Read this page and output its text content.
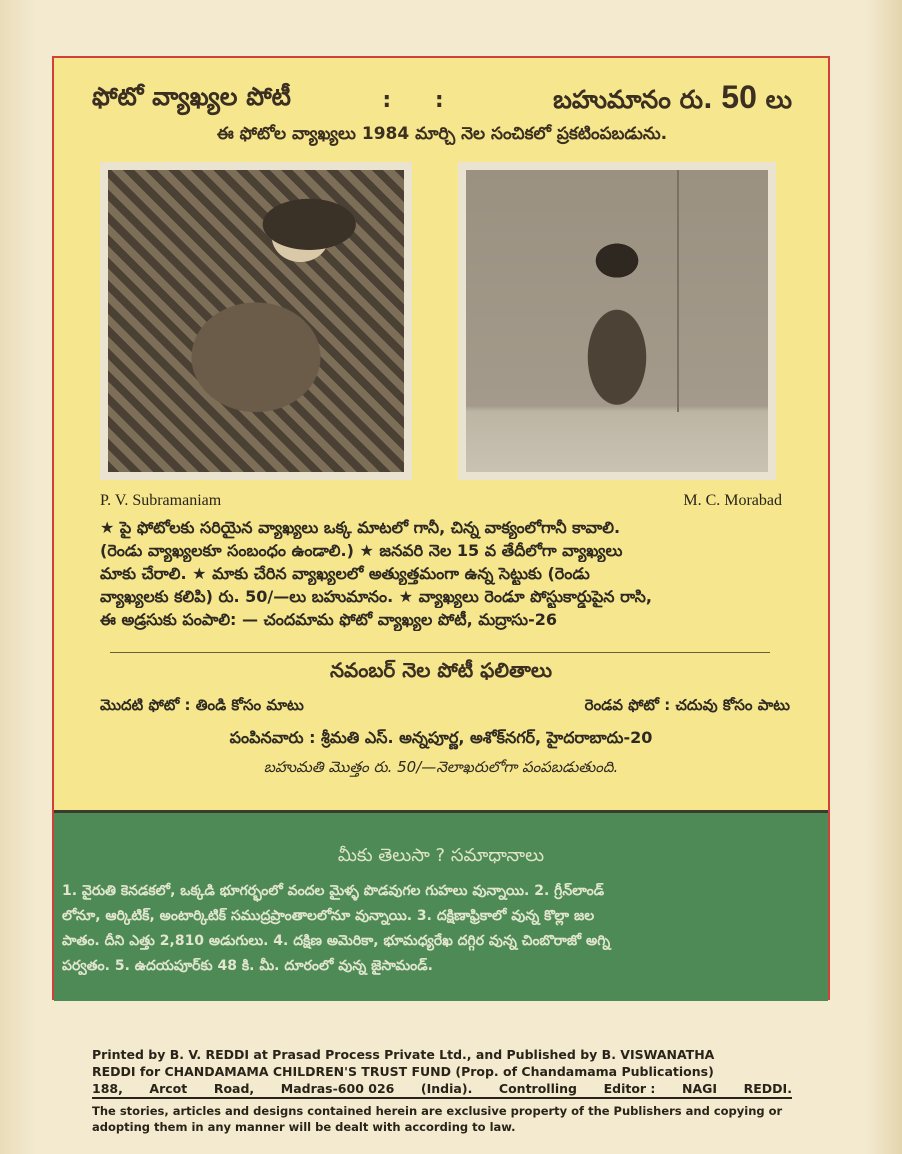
ఫోటో వ్యాఖ్యల పోటీ	: :	బహుమానం రు. 50 లు
ఈ ఫోటోల వ్యాఖ్యలు 1984 మార్చి నెల సంచికలో ప్రకటింపబడును.
P. V. Subramaniam	M. C. Morabad
★ పై ఫోటోలకు సరియైన వ్యాఖ్యలు ఒక్క మాటలో గానీ, చిన్న వాక్యంలోగానీ కావాలి.
(రెండు వ్యాఖ్యలకూ సంబంధం ఉండాలి.) ★ జనవరి నెల 15 వ తేదీలోగా వ్యాఖ్యలు
మాకు చేరాలి. ★ మాకు చేరిన వ్యాఖ్యలలో అత్యుత్తమంగా ఉన్న సెట్టుకు (రెండు
వ్యాఖ్యలకు కలిపి) రు. 50/—లు బహుమానం. ★ వ్యాఖ్యలు రెండూ పోస్టుకార్డుపైన రాసి,
ఈ అడ్రసుకు పంపాలి: — చందమామ ఫోటో వ్యాఖ్యల పోటీ, మద్రాసు-26
నవంబర్ నెల పోటీ ఫలితాలు
మొదటి ఫోటో : తిండి కోసం మాటు	రెండవ ఫోటో : చదువు కోసం పాటు
పంపినవారు : శ్రీమతి ఎస్. అన్నపూర్ణ, అశోక్‌నగర్, హైదరాబాదు-20
బహుమతి మొత్తం రు. 50/—నెలాఖరులోగా పంపబడుతుంది.
మీకు తెలుసా ? సమాధానాలు
1. వైరుతి కెనడకలో, ఒక్కడి భూగర్భంలో వందల మైళ్ళ పొడవుగల గుహలు వున్నాయి. 2. గ్రీన్‌లాండ్
లోనూ, ఆర్కిటిక్, అంటార్కిటిక్ సముద్రప్రాంతాలలోనూ వున్నాయి. 3. దక్షిణాఫ్రికాలో వున్న కొల్లా జల
పాతం. దీని ఎత్తు 2,810 అడుగులు. 4. దక్షిణ అమెరికా, భూమధ్యరేఖ దగ్గిర వున్న చింబొరాజో అగ్ని
పర్వతం. 5. ఉదయపూర్‌కు 48 కి. మీ. దూరంలో వున్న జైసామండ్.
Printed by B. V. REDDI at Prasad Process Private Ltd., and Published by B. VISWANATHA
REDDI for CHANDAMAMA CHILDREN'S TRUST FUND (Prop. of Chandamama Publications)
188, Arcot Road, Madras-600 026 (India). Controlling Editor : NAGI REDDI.
The stories, articles and designs contained herein are exclusive property of the Publishers and copying or adopting them in any manner will be dealt with according to law.
